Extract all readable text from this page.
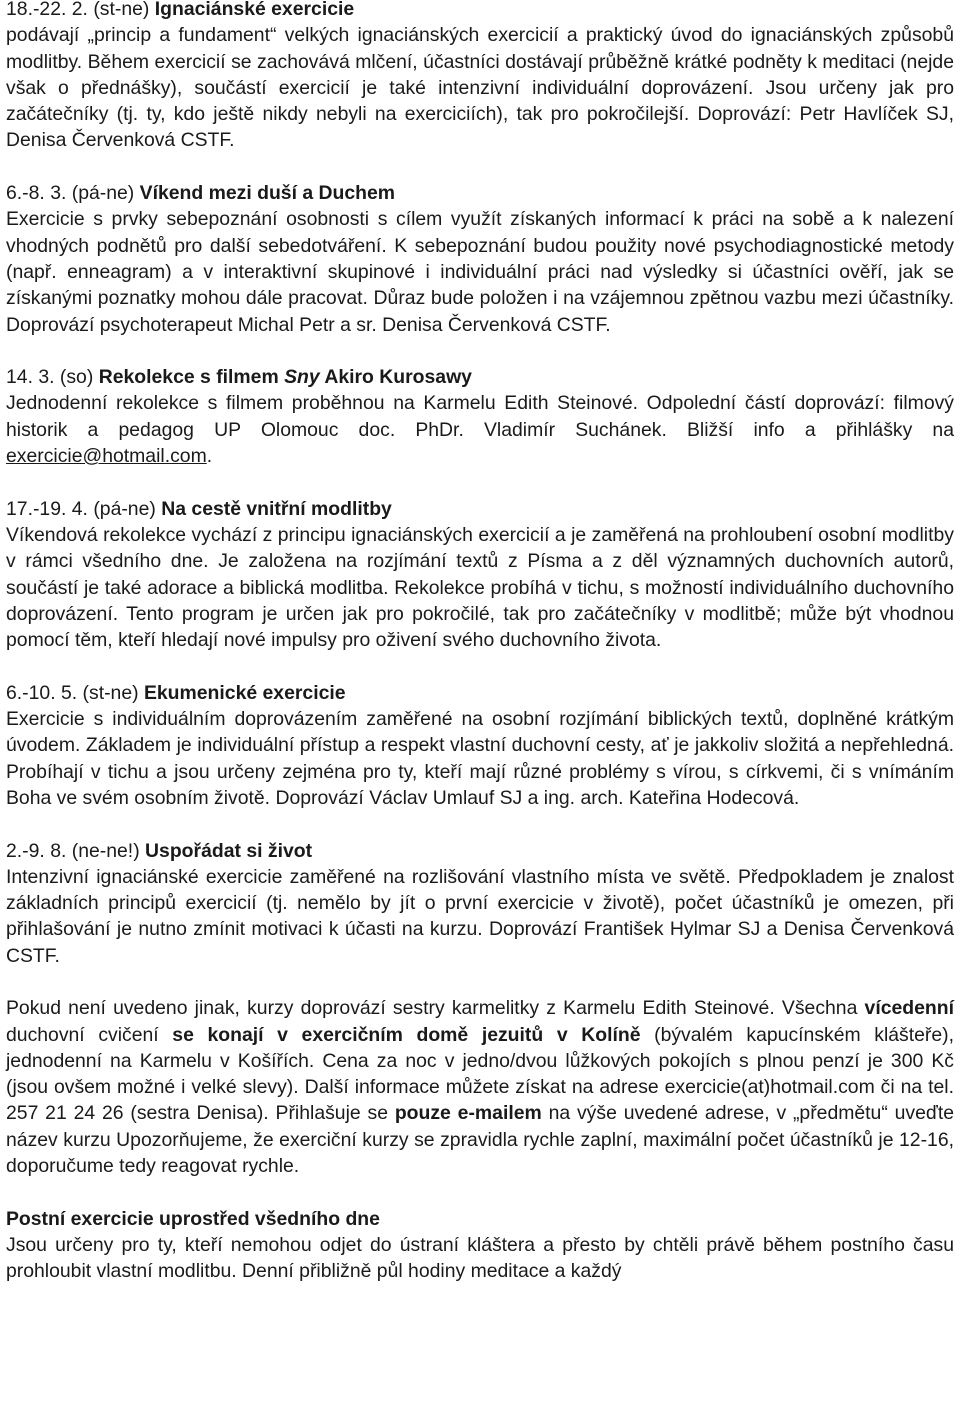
18.-22. 2. (st-ne) Ignaciánské exercicie
podávají „princip a fundament“ velkých ignaciánských exercicií a praktický úvod do ignaciánských způsobů modlitby. Během exercicií se zachovává mlčení, účastníci dostávají průběžně krátké podněty k meditaci (nejde však o přednášky), součástí exercicií je také intenzivní individuální doprovázení. Jsou určeny jak pro začátečníky (tj. ty, kdo ještě nikdy nebyli na exerciciích), tak pro pokročilejší. Doprovází: Petr Havlíček SJ, Denisa Červenková CSTF.

6.-8. 3. (pá-ne) Víkend mezi duší a Duchem
Exercicie s prvky sebepoznání osobnosti s cílem využít získaných informací k práci na sobě a k nalezení vhodných podnětů pro další sebedotváření. K sebepoznání budou použity nové psychodiagnostické metody (např. enneagram) a v interaktivní skupinové i individuální práci nad výsledky si účastníci ověří, jak se získanými poznatky mohou dále pracovat. Důraz bude položen i na vzájemnou zpětnou vazbu mezi účastníky. Doprovází psychoterapeut Michal Petr a sr. Denisa Červenková CSTF.

14. 3. (so) Rekolekce s filmem Sny Akiro Kurosawy
Jednodenní rekolekce s filmem proběhnou na Karmelu Edith Steinové. Odpolední částí doprovází: filmový historik a pedagog UP Olomouc doc. PhDr. Vladimír Suchánek. Bližší info a přihlášky na exercicie@hotmail.com.

17.-19. 4. (pá-ne) Na cestě vnitřní modlitby
Víkendová rekolekce vychází z principu ignaciánských exercicií a je zaměřená na prohloubení osobní modlitby v rámci všedního dne. Je založena na rozjímání textů z Písma a z děl významných duchovních autorů, součástí je také adorace a biblická modlitba. Rekolekce probíhá v tichu, s možností individuálního duchovního doprovázení. Tento program je určen jak pro pokročilé, tak pro začátečníky v modlitbě; může být vhodnou pomocí těm, kteří hledají nové impulsy pro oživení svého duchovního života.

6.-10. 5. (st-ne) Ekumenické exercicie
Exercicie s individuálním doprovázením zaměřené na osobní rozjímání biblických textů, doplněné krátkým úvodem. Základem je individuální přístup a respekt vlastní duchovní cesty, ať je jakkoliv složitá a nepřehledná. Probíhají v tichu a jsou určeny zejména pro ty, kteří mají různé problémy s vírou, s církvemi, či s vnímáním Boha ve svém osobním životě. Doprovází Václav Umlauf SJ a ing. arch. Kateřina Hodecová.

2.-9. 8. (ne-ne!) Uspořádat si život
Intenzivní ignaciánské exercicie zaměřené na rozlišování vlastního místa ve světě. Předpokladem je znalost základních principů exercicií (tj. nemělo by jít o první exercicie v životě), počet účastníků je omezen, při přihlašování je nutno zmínit motivaci k účasti na kurzu. Doprovází František Hylmar SJ a Denisa Červenková CSTF.

Pokud není uvedeno jinak, kurzy doprovází sestry karmelitky z Karmelu Edith Steinové. Všechna vícedenní duchovní cvičení se konají v exercičním domě jezuitů v Kolíně (bývalém kapucínském klášteře), jednodenní na Karmelu v Košířích. Cena za noc v jedno/dvou lůžkových pokojích s plnou penzí je 300 Kč (jsou ovšem možné i velké slevy). Další informace můžete získat na adrese exercicie(at)hotmail.com či na tel. 257 21 24 26 (sestra Denisa). Přihlašuje se pouze e-mailem na výše uvedené adrese, v „předmětu“ uveďte název kurzu Upozorňujeme, že exerciční kurzy se zpravidla rychle zaplní, maximální počet účastníků je 12-16, doporučume tedy reagovat rychle.

Postní exercicie uprostřed všedního dne
Jsou určeny pro ty, kteří nemohou odjet do ústraní kláštera a přesto by chtěli právě během postního času prohloubit vlastní modlitbu. Denní přibližně půl hodiny meditace a každý
